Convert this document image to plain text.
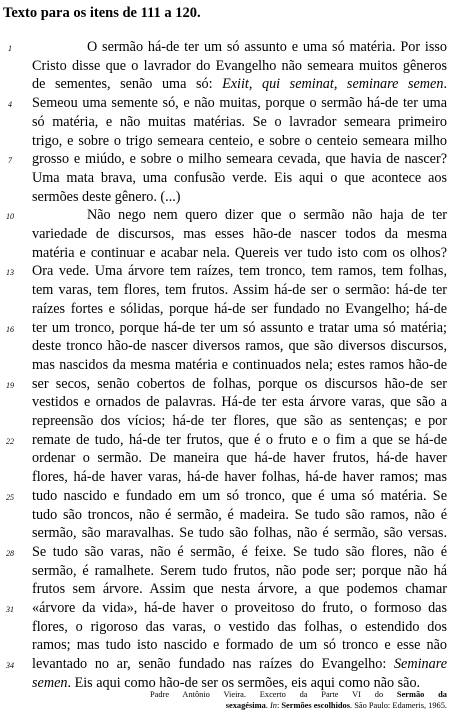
Texto para os itens de 111 a 120.
O sermão há-de ter um só assunto e uma só matéria. Por isso
Cristo disse que o lavrador do Evangelho não semeara muitos gêneros
de sementes, senão uma só: Exiit, qui seminat, seminare semen.
Semeou uma semente só, e não muitas, porque o sermão há-de ter uma
só matéria, e não muitas matérias. Se o lavrador semeara primeiro
trigo, e sobre o trigo semeara centeio, e sobre o centeio semeara milho
grosso e miúdo, e sobre o milho semeara cevada, que havia de nascer?
Uma mata brava, uma confusão verde. Eis aqui o que acontece aos
sermões deste gênero. (...)
Não nego nem quero dizer que o sermão não haja de ter
variedade de discursos, mas esses hão-de nascer todos da mesma
matéria e continuar e acabar nela. Quereis ver tudo isto com os olhos?
Ora vede. Uma árvore tem raízes, tem tronco, tem ramos, tem folhas,
tem varas, tem flores, tem frutos. Assim há-de ser o sermão: há-de ter
raízes fortes e sólidas, porque há-de ser fundado no Evangelho; há-de
ter um tronco, porque há-de ter um só assunto e tratar uma só matéria;
deste tronco hão-de nascer diversos ramos, que são diversos discursos,
mas nascidos da mesma matéria e continuados nela; estes ramos hão-de
ser secos, senão cobertos de folhas, porque os discursos hão-de ser
vestidos e ornados de palavras. Há-de ter esta árvore varas, que são a
repreensão dos vícios; há-de ter flores, que são as sentenças; e por
remate de tudo, há-de ter frutos, que é o fruto e o fim a que se há-de
ordenar o sermão. De maneira que há-de haver frutos, há-de haver
flores, há-de haver varas, há-de haver folhas, há-de haver ramos; mas
tudo nascido e fundado em um só tronco, que é uma só matéria. Se
tudo são troncos, não é sermão, é madeira. Se tudo são ramos, não é
sermão, são maravalhas. Se tudo são folhas, não é sermão, são versas.
Se tudo são varas, não é sermão, é feixe. Se tudo são flores, não é
sermão, é ramalhete. Serem tudo frutos, não pode ser; porque não há
frutos sem árvore. Assim que nesta árvore, a que podemos chamar
«árvore da vida», há-de haver o proveitoso do fruto, o formoso das
flores, o rigoroso das varas, o vestido das folhas, o estendido dos
ramos; mas tudo isto nascido e formado de um só tronco e esse não
levantado no ar, senão fundado nas raízes do Evangelho: Seminare
semen. Eis aqui como hão-de ser os sermões, eis aqui como não são.
1
4
7
10
13
16
19
22
25
28
31
34
Padre Antônio Vieira. Excerto da Parte VI do Sermão da
sexagésima. In: Sermões escolhidos. São Paulo: Edameris, 1965.
